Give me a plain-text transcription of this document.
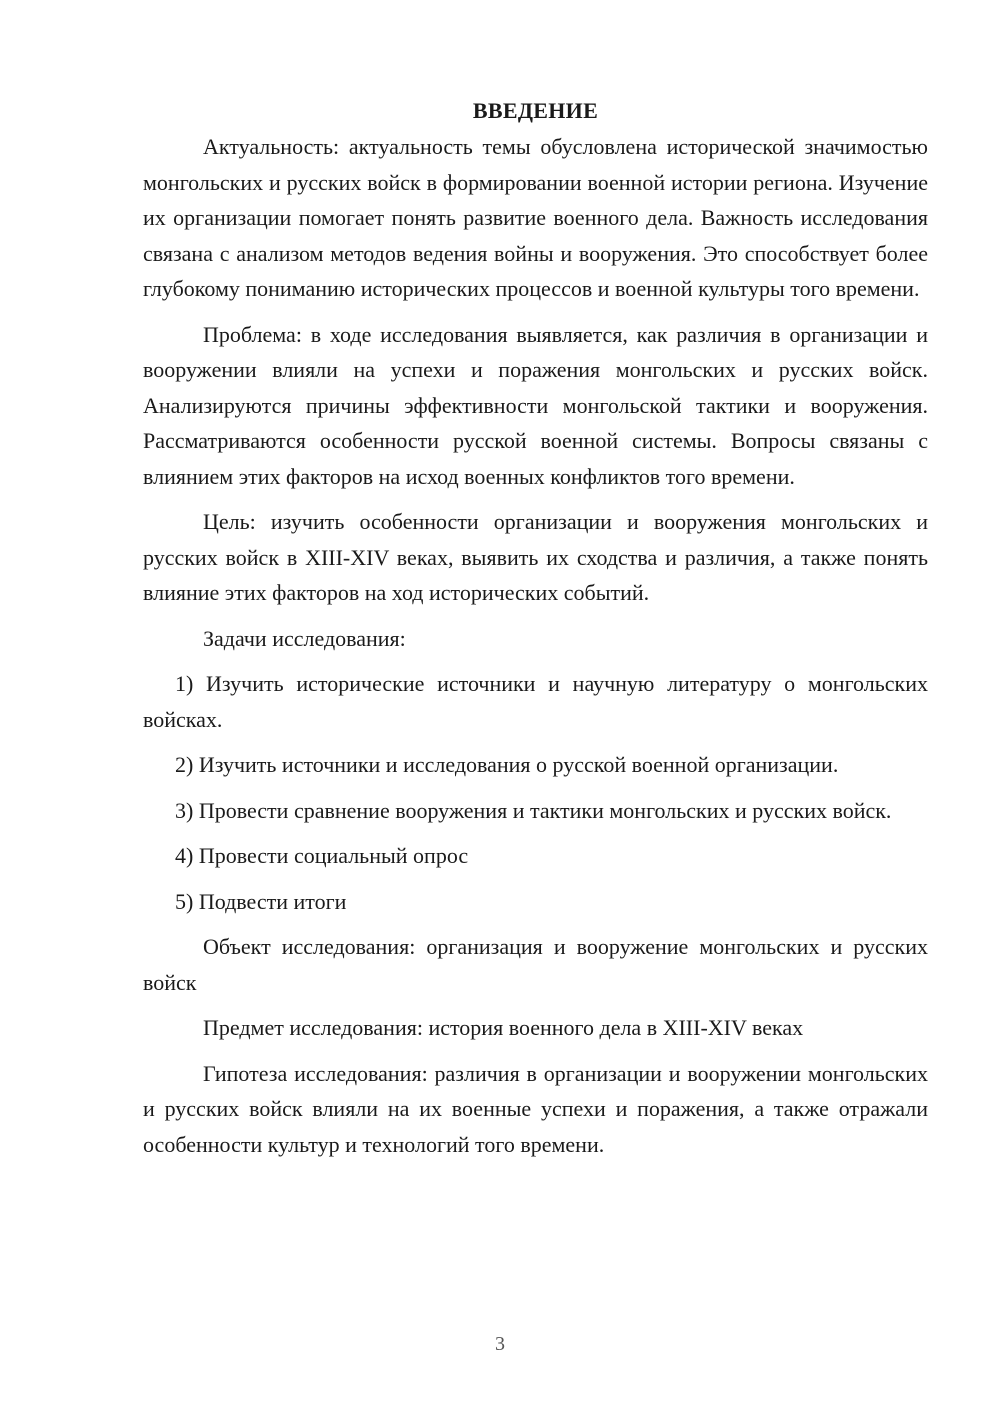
ВВЕДЕНИЕ

Актуальность: актуальность темы обусловлена исторической значимостью монгольских и русских войск в формировании военной истории региона. Изучение их организации помогает понять развитие военного дела. Важность исследования связана с анализом методов ведения войны и вооружения. Это способствует более глубокому пониманию исторических процессов и военной культуры того времени.

Проблема: в ходе исследования выявляется, как различия в организации и вооружении влияли на успехи и поражения монгольских и русских войск. Анализируются причины эффективности монгольской тактики и вооружения. Рассматриваются особенности русской военной системы. Вопросы связаны с влиянием этих факторов на исход военных конфликтов того времени.

Цель: изучить особенности организации и вооружения монгольских и русских войск в XIII-XIV веках, выявить их сходства и различия, а также понять влияние этих факторов на ход исторических событий.

Задачи исследования:

1) Изучить исторические источники и научную литературу о монгольских войсках.

2) Изучить источники и исследования о русской военной организации.

3) Провести сравнение вооружения и тактики монгольских и русских войск.

4) Провести социальный опрос

5) Подвести итоги

Объект исследования: организация и вооружение монгольских и русских войск

Предмет исследования: история военного дела в XIII-XIV веках

Гипотеза исследования: различия в организации и вооружении монгольских и русских войск влияли на их военные успехи и поражения, а также отражали особенности культур и технологий того времени.

3
